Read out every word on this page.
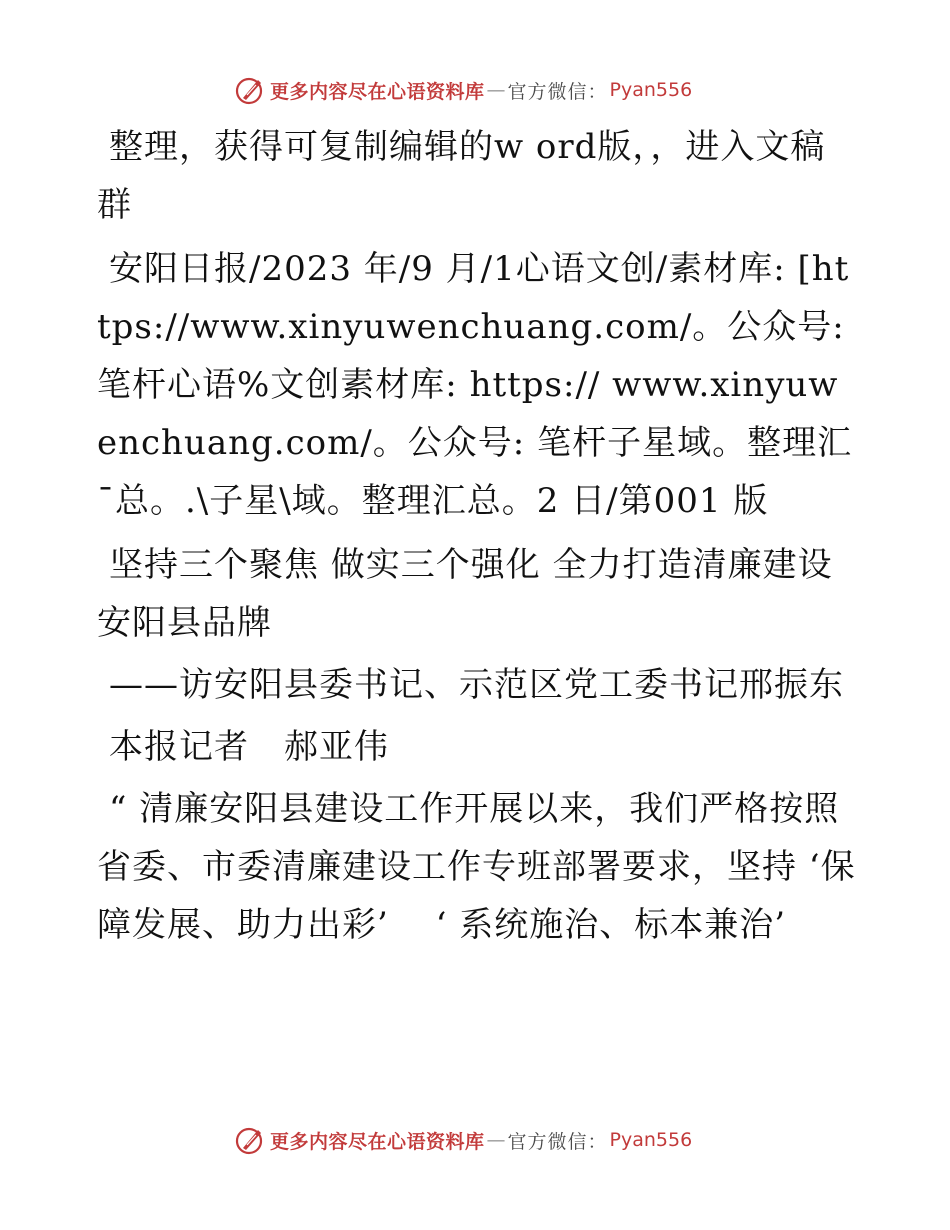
更多内容尽在心语资料库 — 官方微信： Pyan556

整理，获得可复制编辑的w ord版，，进入文稿群

安阳日报/2023 年/9 月/1心语文创/素材库: [https://www.xinyuwenchuang.com/。公众号: 笔杆心语%文创素材库: https:// www.xinyuwenchuang.com/。公众号: 笔杆子星域。整理汇¯总。.\子星\域。整理汇总。2 日/第001 版

坚持三个聚焦 做实三个强化 全力打造清廉建设安阳县品牌

——访安阳县委书记、示范区党工委书记邢振东

本报记者　郝亚伟

“ 清廉安阳县建设工作开展以来，我们严格按照省委、市委清廉建设工作专班部署要求，坚持 ‘保障发展、助力出彩’　 ‘ 系统施治、标本兼治’

更多内容尽在心语资料库 — 官方微信： Pyan556
